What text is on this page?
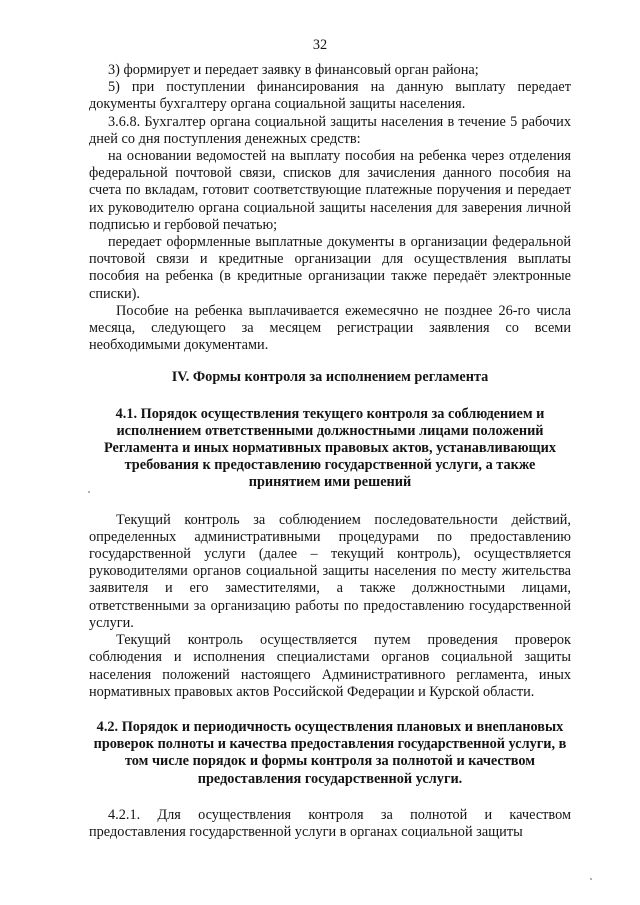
32

3) формирует и передает заявку в финансовый орган района;

5) при поступлении финансирования на данную выплату передает документы бухгалтеру органа социальной защиты населения.

3.6.8. Бухгалтер органа социальной защиты населения в течение 5 рабочих дней со дня поступления денежных средств:

на основании ведомостей на выплату пособия на ребенка через отделения федеральной почтовой связи, списков для зачисления данного пособия на счета по вкладам, готовит соответствующие платежные поручения и передает их руководителю органа социальной защиты населения для заверения личной подписью и гербовой печатью;

передает оформленные выплатные документы в организации федеральной почтовой связи и кредитные организации для осуществления выплаты пособия на ребенка (в кредитные организации также передаёт электронные списки).

Пособие на ребенка выплачивается ежемесячно не позднее 26-го числа месяца, следующего за месяцем регистрации заявления со всеми необходимыми документами.

IV. Формы контроля за исполнением регламента

4.1. Порядок осуществления текущего контроля за соблюдением и исполнением ответственными должностными лицами положений Регламента и иных нормативных правовых актов, устанавливающих требования к предоставлению государственной услуги, а также принятием ими решений

Текущий контроль за соблюдением последовательности действий, определенных административными процедурами по предоставлению государственной услуги (далее – текущий контроль), осуществляется руководителями органов социальной защиты населения по месту жительства заявителя и его заместителями, а также должностными лицами, ответственными за организацию работы по предоставлению государственной услуги.

Текущий контроль осуществляется путем проведения проверок соблюдения и исполнения специалистами органов социальной защиты населения положений настоящего Административного регламента, иных нормативных правовых актов Российской Федерации и Курской области.

4.2. Порядок и периодичность осуществления плановых и внеплановых проверок полноты и качества предоставления государственной услуги, в том числе порядок и формы контроля за полнотой и качеством предоставления государственной услуги.

4.2.1. Для осуществления контроля за полнотой и качеством предоставления государственной услуги в органах социальной защиты
